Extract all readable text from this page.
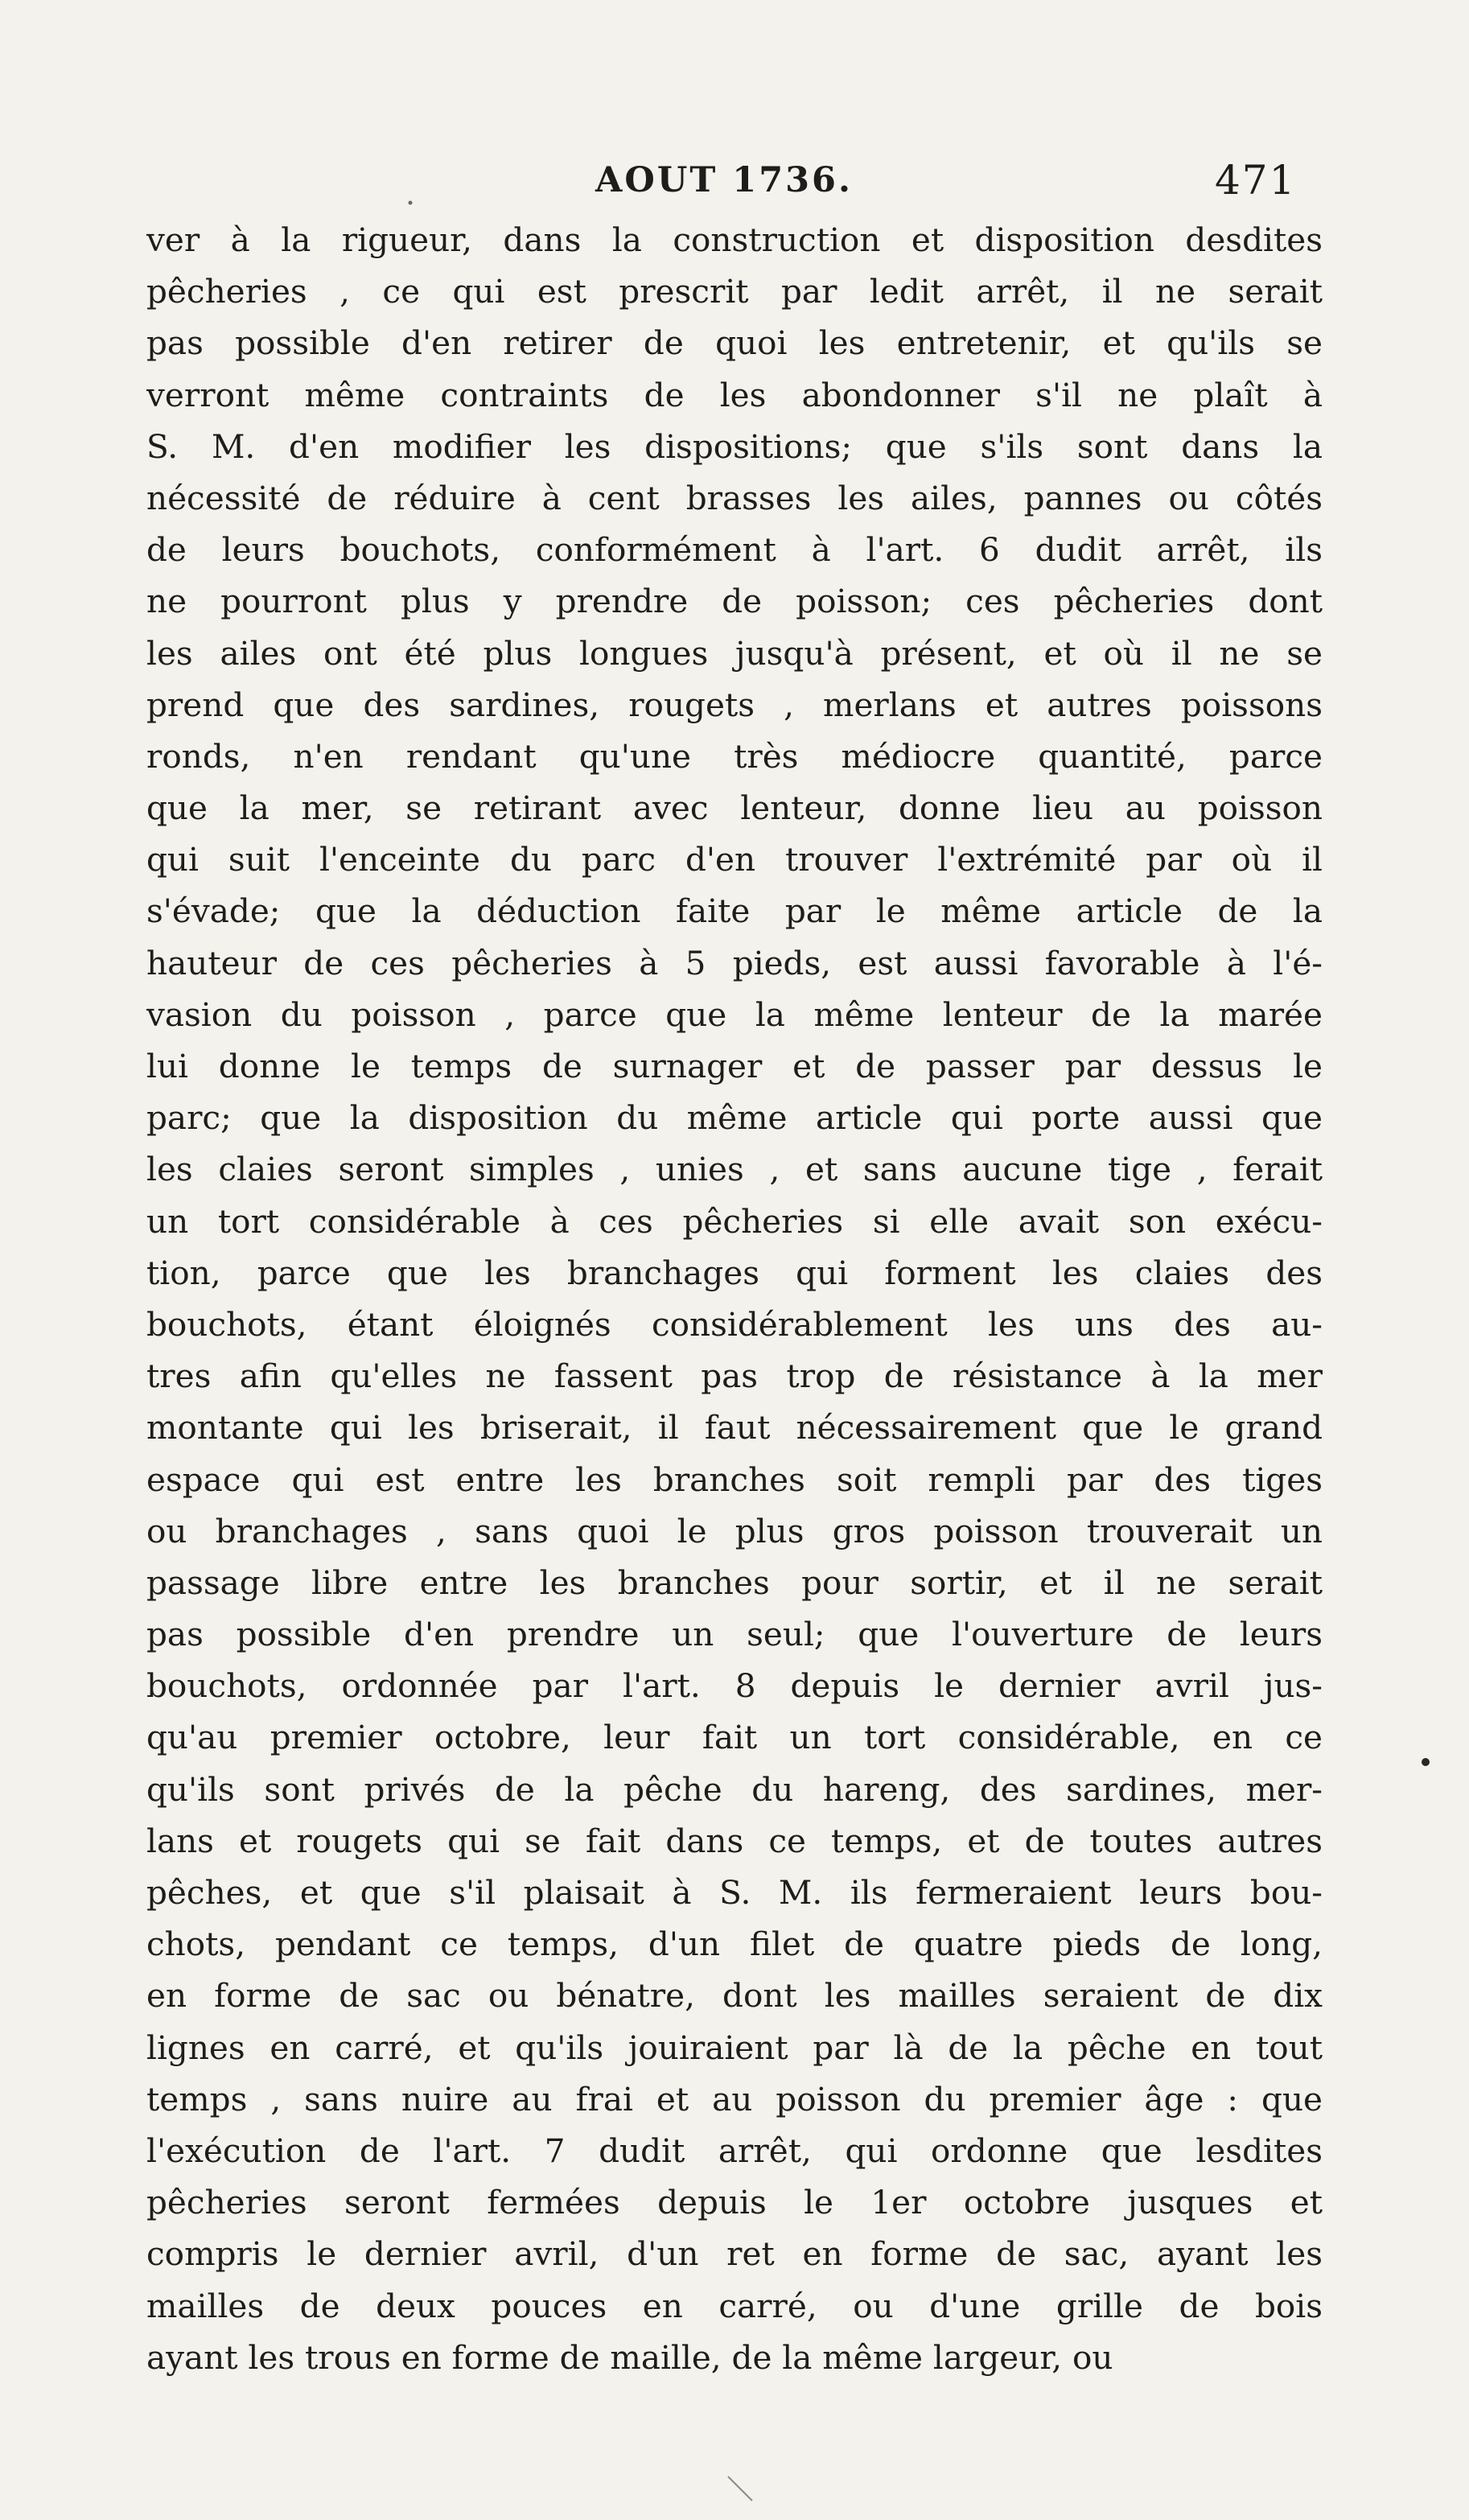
AOUT 1736.	471
ver à la rigueur, dans la construction et disposition desdites
pêcheries , ce qui est prescrit par ledit arrêt, il ne serait
pas possible d'en retirer de quoi les entretenir, et qu'ils se
verront même contraints de les abondonner s'il ne plaît à
S. M. d'en modifier les dispositions; que s'ils sont dans la
nécessité de réduire à cent brasses les ailes, pannes ou côtés
de leurs bouchots, conformément à l'art. 6 dudit arrêt, ils
ne pourront plus y prendre de poisson; ces pêcheries dont
les ailes ont été plus longues jusqu'à présent, et où il ne se
prend que des sardines, rougets , merlans et autres poissons
ronds, n'en rendant qu'une très médiocre quantité, parce
que la mer, se retirant avec lenteur, donne lieu au poisson
qui suit l'enceinte du parc d'en trouver l'extrémité par où il
s'évade; que la déduction faite par le même article de la
hauteur de ces pêcheries à 5 pieds, est aussi favorable à l'é-
vasion du poisson , parce que la même lenteur de la marée
lui donne le temps de surnager et de passer par dessus le
parc; que la disposition du même article qui porte aussi que
les claies seront simples , unies , et sans aucune tige , ferait
un tort considérable à ces pêcheries si elle avait son exécu-
tion, parce que les branchages qui forment les claies des
bouchots, étant éloignés considérablement les uns des au-
tres afin qu'elles ne fassent pas trop de résistance à la mer
montante qui les briserait, il faut nécessairement que le grand
espace qui est entre les branches soit rempli par des tiges
ou branchages , sans quoi le plus gros poisson trouverait un
passage libre entre les branches pour sortir, et il ne serait
pas possible d'en prendre un seul; que l'ouverture de leurs
bouchots, ordonnée par l'art. 8 depuis le dernier avril jus-
qu'au premier octobre, leur fait un tort considérable, en ce
qu'ils sont privés de la pêche du hareng, des sardines, mer-
lans et rougets qui se fait dans ce temps, et de toutes autres
pêches, et que s'il plaisait à S. M. ils fermeraient leurs bou-
chots, pendant ce temps, d'un filet de quatre pieds de long,
en forme de sac ou bénatre, dont les mailles seraient de dix
lignes en carré, et qu'ils jouiraient par là de la pêche en tout
temps , sans nuire au frai et au poisson du premier âge : que
l'exécution de l'art. 7 dudit arrêt, qui ordonne que lesdites
pêcheries seront fermées depuis le 1er octobre jusques et
compris le dernier avril, d'un ret en forme de sac, ayant les
mailles de deux pouces en carré, ou d'une grille de bois
ayant les trous en forme de maille, de la même largeur, ou
